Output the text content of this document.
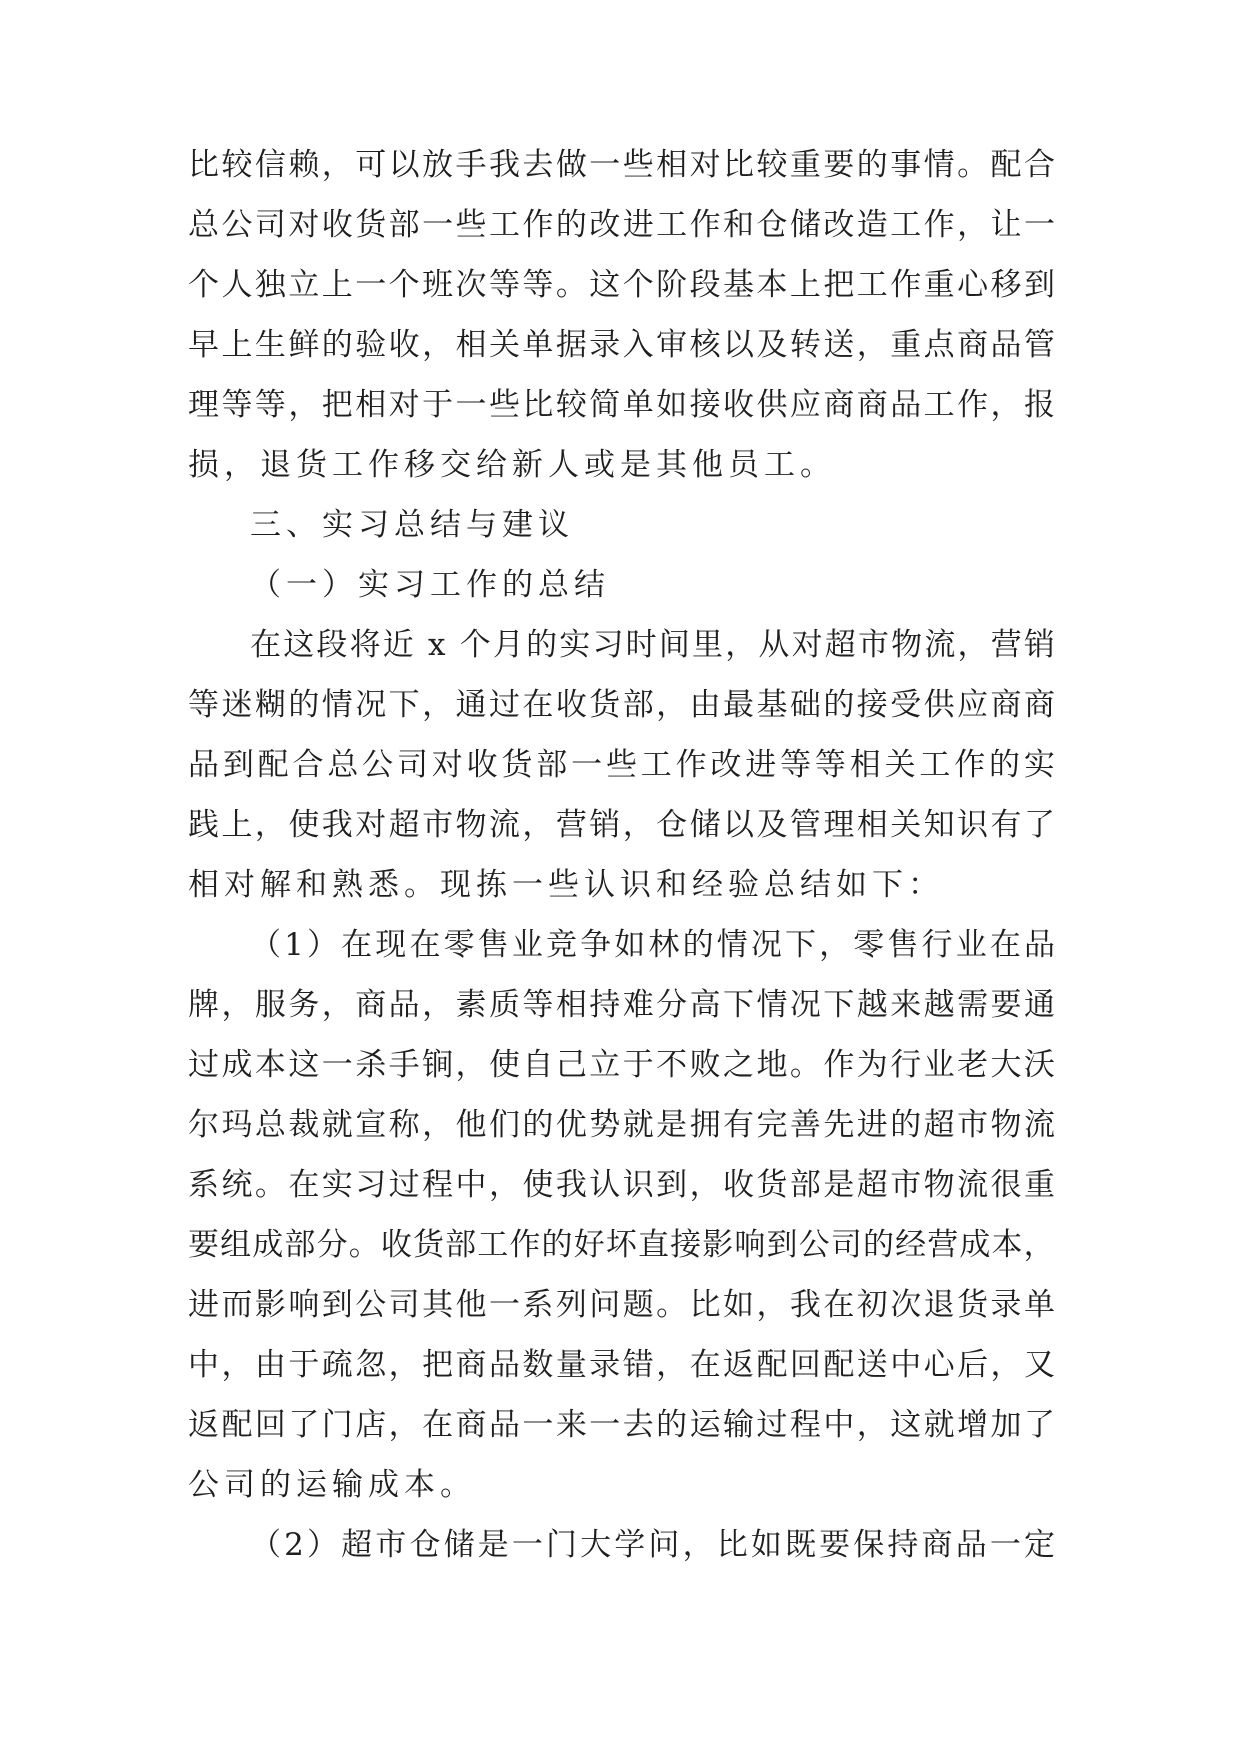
比 较 信 赖 ， 可 以 放 手 我 去 做 一 些 相 对 比 较 重 要 的 事 情 。 配 合

总 公 司 对 收 货 部 一 些 工 作 的 改 进 工 作 和 仓 储 改 造 工 作 ， 让 一

个 人 独 立 上 一 个 班 次 等 等 。 这 个 阶 段 基 本 上 把 工 作 重 心 移 到

早 上 生 鲜 的 验 收 ， 相 关 单 据 录 入 审 核 以 及 转 送 ， 重 点 商 品 管

理 等 等 ， 把 相 对 于 一 些 比 较 简 单 如 接 收 供 应 商 商 品 工 作 ， 报

损，退货工作移交给新人或是其他员工。

三、实习总结与建议

（一）实习工作的总结

在 这 段 将 近
x
个 月 的 实 习 时 间 里 ， 从 对 超 市 物 流 ， 营 销

等 迷 糊 的 情 况 下 ， 通 过 在 收 货 部 ， 由 最 基 础 的 接 受 供 应 商 商

品 到 配 合 总 公 司 对 收 货 部 一 些 工 作 改 进 等 等 相 关 工 作 的 实

践 上 ， 使 我 对 超 市 物 流 ， 营 销 ， 仓 储 以 及 管 理 相 关 知 识 有 了

相对解和熟悉。现拣一些认识和经验总结如下：

（ 1 ） 在 现 在 零 售 业 竞 争 如 林 的 情 况 下 ， 零 售 行 业 在 品

牌 ， 服 务 ， 商 品 ， 素 质 等 相 持 难 分 高 下 情 况 下 越 来 越 需 要 通

过 成 本 这 一 杀 手 锏 ， 使 自 己 立 于 不 败 之 地 。 作 为 行 业 老 大 沃

尔 玛 总 裁 就 宣 称 ， 他 们 的 优 势 就 是 拥 有 完 善 先 进 的 超 市 物 流

系 统 。 在 实 习 过 程 中 ， 使 我 认 识 到 ， 收 货 部 是 超 市 物 流 很 重

要 组 成 部 分 。 收 货 部 工 作 的 好 坏 直 接 影 响 到 公 司 的 经 营 成 本 ，

进 而 影 响 到 公 司 其 他 一 系 列 问 题 。 比 如 ， 我 在 初 次 退 货 录 单

中 ， 由 于 疏 忽 ， 把 商 品 数 量 录 错 ， 在 返 配 回 配 送 中 心 后 ， 又

返 配 回 了 门 店 ， 在 商 品 一 来 一 去 的 运 输 过 程 中 ， 这 就 增 加 了

公司的运输成本。

（ 2 ） 超 市 仓 储 是 一 门 大 学 问 ， 比 如 既 要 保 持 商 品 一 定
